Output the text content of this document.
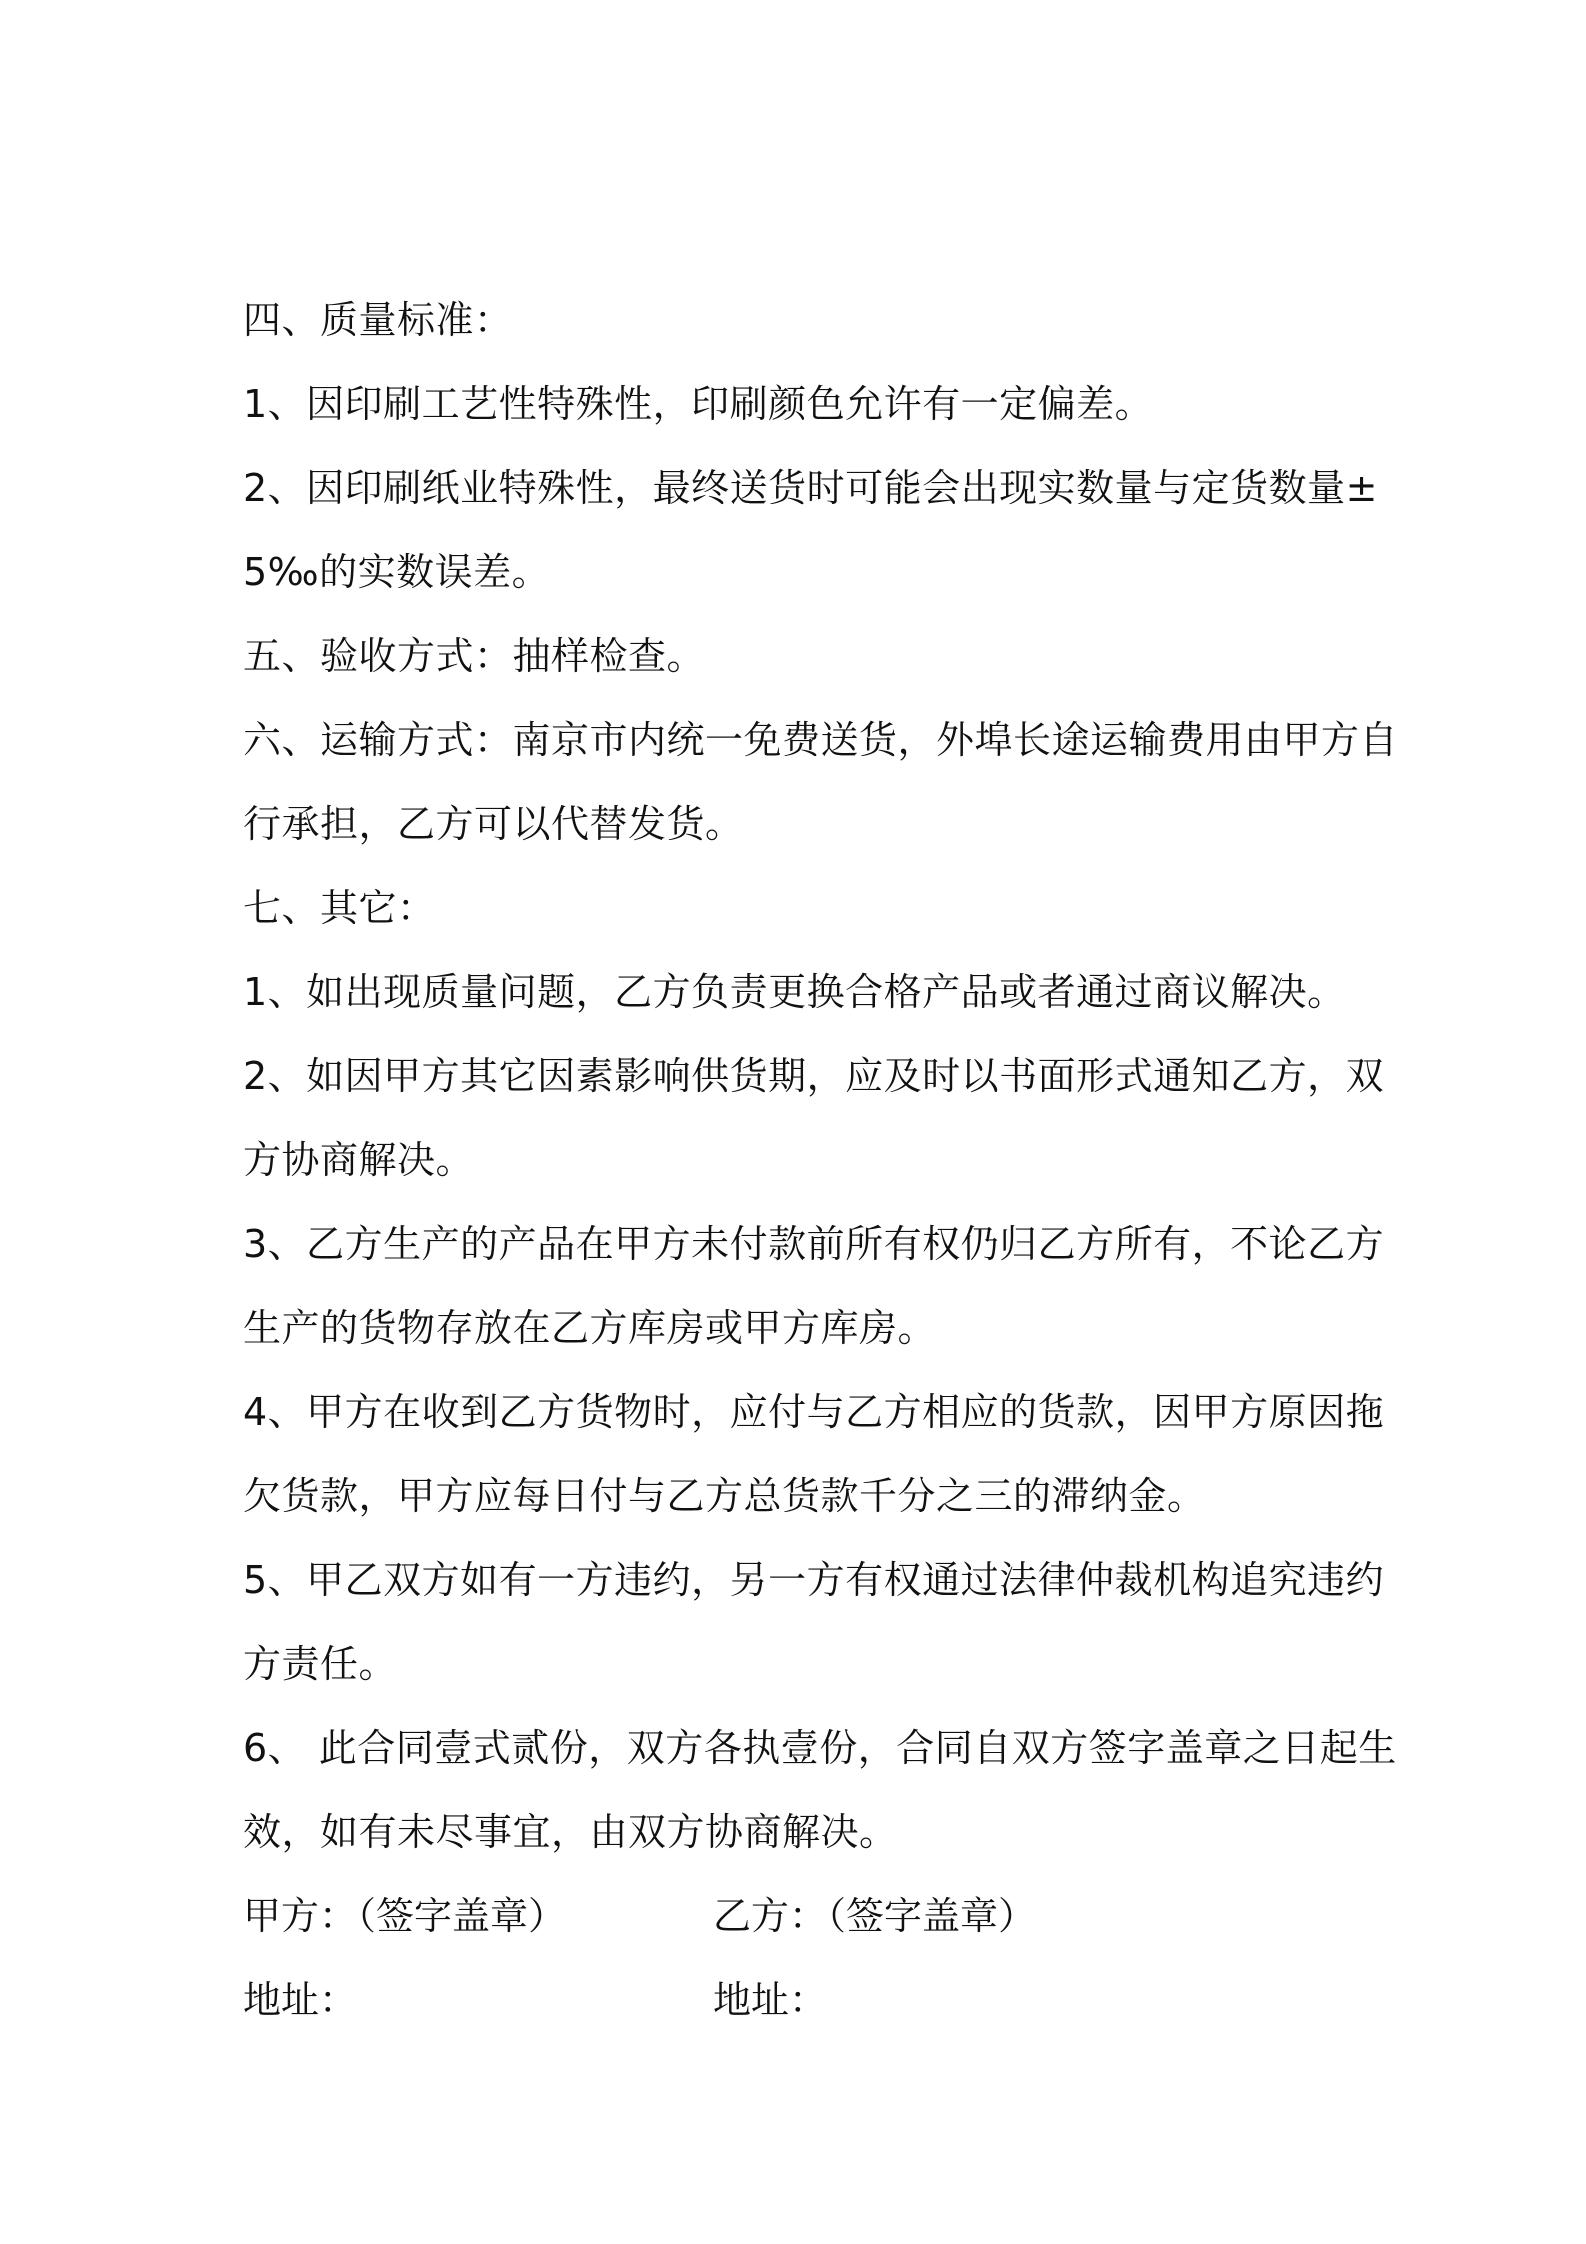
四、质量标准：
1、因印刷工艺性特殊性，印刷颜色允许有一定偏差。
2、因印刷纸业特殊性，最终送货时可能会出现实数量与定货数量±
5‰的实数误差。
五、验收方式：抽样检查。
六、运输方式：南京市内统一免费送货，外埠长途运输费用由甲方自
行承担，乙方可以代替发货。
七、其它：
1、如出现质量问题，乙方负责更换合格产品或者通过商议解决。
2、如因甲方其它因素影响供货期，应及时以书面形式通知乙方，双
方协商解决。
3、乙方生产的产品在甲方未付款前所有权仍归乙方所有，不论乙方
生产的货物存放在乙方库房或甲方库房。
4、甲方在收到乙方货物时，应付与乙方相应的货款，因甲方原因拖
欠货款，甲方应每日付与乙方总货款千分之三的滞纳金。
5、甲乙双方如有一方违约，另一方有权通过法律仲裁机构追究违约
方责任。
6、 此合同壹式贰份，双方各执壹份，合同自双方签字盖章之日起生
效，如有未尽事宜，由双方协商解决。
甲方：（签字盖章）	乙方：（签字盖章）
地址：	地址：
